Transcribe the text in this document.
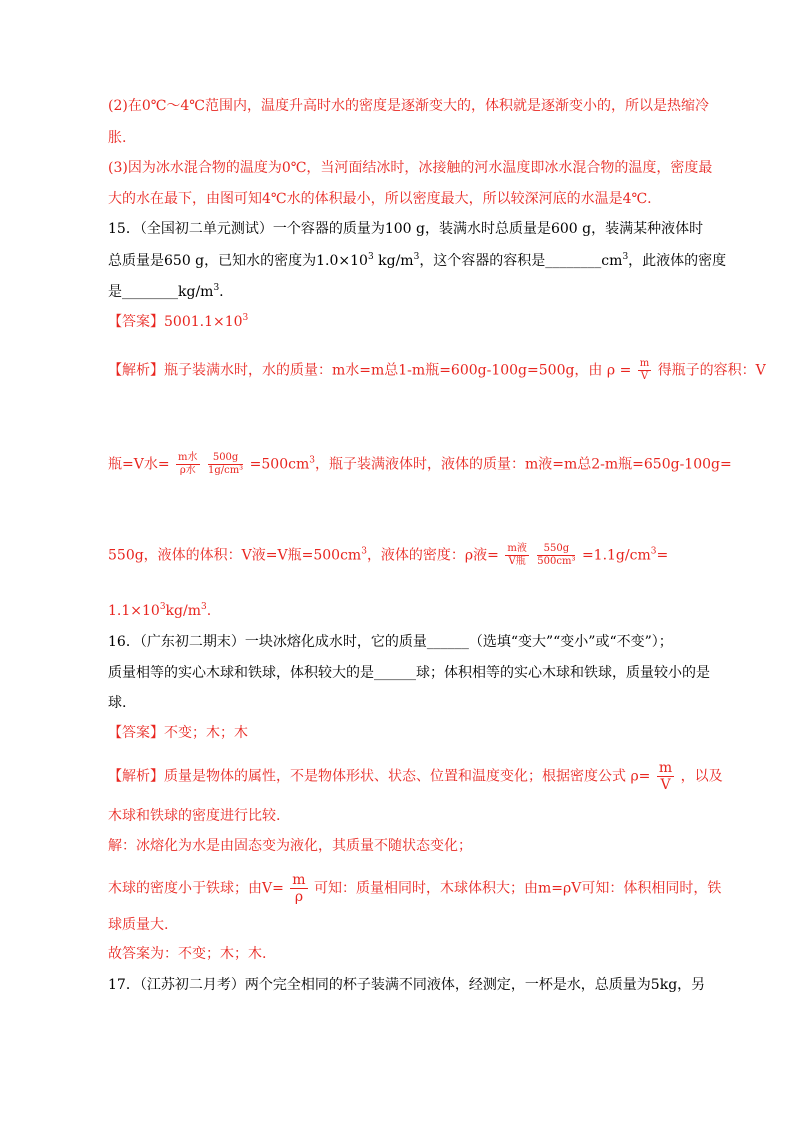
(2)在0℃～4℃范围内，温度升高时水的密度是逐渐变大的，体积就是逐渐变小的，所以是热缩冷
胀.
(3)因为冰水混合物的温度为0℃，当河面结冰时，冰接触的河水温度即冰水混合物的温度，密度最
大的水在最下，由图可知4℃水的体积最小，所以密度最大，所以较深河底的水温是4℃.
15．（全国初二单元测试）一个容器的质量为100 g，装满水时总质量是600 g，装满某种液体时
总质量是650 g，已知水的密度为$1.0\times 10^3$ $kg/m^3$，这个容器的容积是$\_\_\_\_\_\_\_\_cm^3$，此液体的密度
是$\_\_\_\_\_\_\_\_kg/m^3$.
【答案】$5001.1\times 10^3$
【解析】瓶子装满水时，水的质量：m水=m总1-m瓶=600g-100g=500g，由 $\rho = \frac{m}{V}$ 得瓶子的容积：V
瓶=V水= $\frac{\text{m水}}{\text{ρ水}}$
$\frac{500g}{\text{1g/cm³}} =500cm^3$，瓶子装满液体时，液体的质量：m液=m总2-m瓶=650g-100g=
550g，液体的体积：V液=V瓶$=500cm^3$，液体的密度：ρ液= $\frac{\text{m液}}{\text{V瓶}}$
$\frac{550g}{\text{500cm³}} =1.1g/cm^3=$
$1.1\times 10^3kg/m^3$.
16．（广东初二期末）一块冰熔化成水时，它的质量______（选填“变大”“变小”或“不变”）；
质量相等的实心木球和铁球，体积较大的是______球；体积相等的实心木球和铁球，质量较小的是
球.
【答案】不变；木；木
【解析】质量是物体的属性，不是物体形状、状态、位置和温度变化；根据密度公式 $\rho= \frac{m}{V}$ ，以及
木球和铁球的密度进行比较.
解：冰熔化为水是由固态变为液化，其质量不随状态变化；
木球的密度小于铁球；由$V= \frac{m}{\rho}$ 可知：质量相同时，木球体积大；由m=ρV可知：体积相同时，铁
球质量大.
故答案为：不变；木；木.
17．（江苏初二月考）两个完全相同的杯子装满不同液体，经测定，一杯是水，总质量为5kg，另
